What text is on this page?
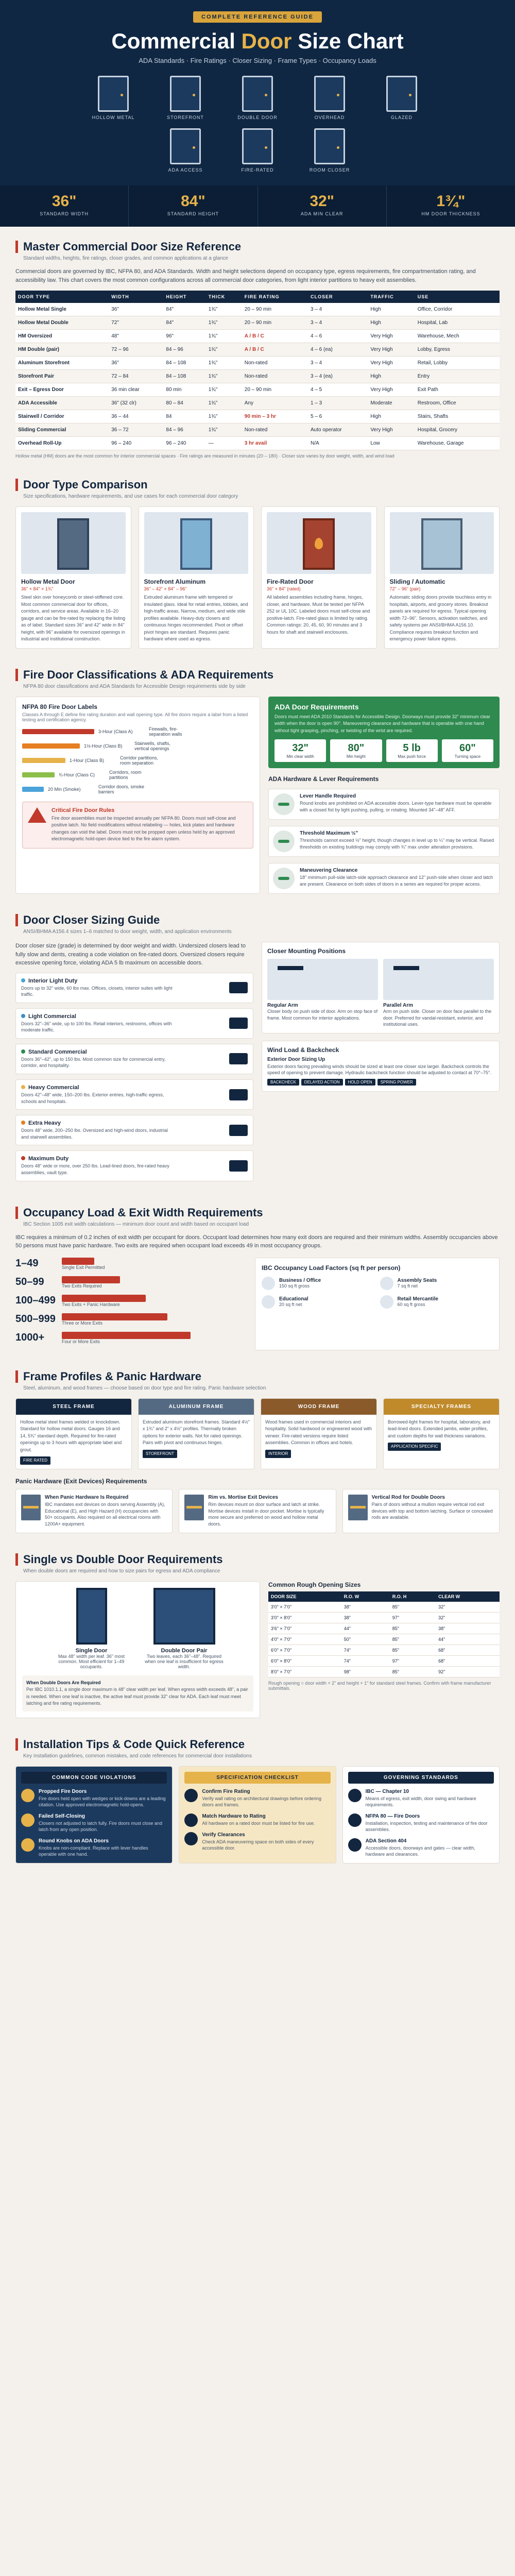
COMPLETE REFERENCE GUIDE
Commercial Door Size Chart
ADA Standards · Fire Ratings · Closer Sizing · Frame Types · Occupancy Loads
HOLLOW METAL	STOREFRONT	DOUBLE DOOR	OVERHEAD	GLAZED
ADA ACCESS	FIRE-RATED	ROOM CLOSER
36"
STANDARD WIDTH
84"
STANDARD HEIGHT
32"
ADA MIN CLEAR
1¾"
HM DOOR THICKNESS
Master Commercial Door Size Reference
Standard widths, heights, fire ratings, closer grades, and common applications at a glance
Commercial doors are governed by IBC, NFPA 80, and ADA Standards. Width and height selections depend on occupancy type, egress requirements, fire compartmentation rating, and accessibility law. This chart covers the most common configurations across all commercial door categories, from light interior partitions to heavy exit assemblies.
DOOR TYPE	WIDTH	HEIGHT	THICK	FIRE RATING	CLOSER	TRAFFIC	USE
Hollow Metal Single	36"	84"	1¾"	20 – 90 min	3 – 4	High	Office, Corridor
Hollow Metal Double	72"	84"	1¾"	20 – 90 min	3 – 4	High	Hospital, Lab
HM Oversized	48"	96"	1¾"	A / B / C	4 – 6	Very High	Warehouse, Mech
HM Double (pair)	72 – 96	84 – 96	1¾"	A / B / C	4 – 6 (ea)	Very High	Lobby, Egress
Aluminum Storefront	36"	84 – 108	1¾"	Non-rated	3 – 4	Very High	Retail, Lobby
Storefront Pair	72 – 84	84 – 108	1¾"	Non-rated	3 – 4 (ea)	High	Entry
Exit – Egress Door	36 min clear	80 min	1¾"	20 – 90 min	4 – 5	Very High	Exit Path
ADA Accessible	36" (32 clr)	80 – 84	1¾"	Any	1 – 3	Moderate	Restroom, Office
Stairwell / Corridor	36 – 44	84	1¾"	90 min – 3 hr	5 – 6	High	Stairs, Shafts
Sliding Commercial	36 – 72	84 – 96	1¾"	Non-rated	Auto operator	Very High	Hospital, Grocery
Overhead Roll-Up	96 – 240	96 – 240	—	3 hr avail	N/A	Low	Warehouse, Garage
Hollow metal (HM) doors are the most common for interior commercial spaces · Fire ratings are measured in minutes (20 – 180) · Closer size varies by door weight, width, and wind load
Door Type Comparison
Size specifications, hardware requirements, and use cases for each commercial door category
Hollow Metal Door
36" × 84" × 1¾"
Steel skin over honeycomb or steel-stiffened core. Most common commercial door for offices, corridors, and service areas. Available in 16–20 gauge and can be fire-rated by replacing the listing as of label. Standard sizes 36" and 42" wide in 84" height, with 96" available for oversized openings in industrial and institutional construction.
Storefront Aluminum
36" – 42" × 84" – 96"
Extruded aluminum frame with tempered or insulated glass. Ideal for retail entries, lobbies, and high-traffic areas. Narrow, medium, and wide stile profiles available. Heavy-duty closers and continuous hinges recommended. Pivot or offset pivot hinges are standard. Requires panic hardware where used as egress.
Fire-Rated Door
36" × 84" (rated)
All labeled assemblies including frame, hinges, closer, and hardware. Must be tested per NFPA 252 or UL 10C. Labeled doors must self-close and positive-latch. Fire-rated glass is limited by rating. Common ratings: 20, 45, 60, 90 minutes and 3 hours for shaft and stairwell enclosures.
Sliding / Automatic
72" – 96" (pair)
Automatic sliding doors provide touchless entry in hospitals, airports, and grocery stores. Breakout panels are required for egress. Typical opening width 72–96". Sensors, activation switches, and safety systems per ANSI/BHMA A156.10. Compliance requires breakout function and emergency power failure egress.
Fire Door Classifications & ADA Requirements
NFPA 80 door classifications and ADA Standards for Accessible Design requirements side by side
NFPA 80 Fire Door Labels
Classes A through E define fire rating duration and wall opening type. All fire doors require a label from a listed testing and certification agency.
3-Hour (Class A)	Firewalls, fire-separation walls
1½-Hour (Class B)	Stairwells, shafts, vertical openings
1-Hour (Class B)	Corridor partitions, room separation
¾-Hour (Class C)	Corridors, room partitions
20 Min (Smoke)	Corridor doors, smoke barriers
Critical Fire Door Rules
Fire door assemblies must be inspected annually per NFPA 80. Doors must self-close and positive latch. No field modifications without relabeling — holes, kick plates and hardware changes can void the label. Doors must not be propped open unless held by an approved electromagnetic hold-open device tied to the fire alarm system.
ADA Door Requirements
Doors must meet ADA 2010 Standards for Accessible Design. Doorways must provide 32" minimum clear width when the door is open 90°. Maneuvering clearance and hardware that is operable with one hand without tight grasping, pinching, or twisting of the wrist are required.
32"
Min clear width
80"
Min height
5 lb
Max push force
60"
Turning space
ADA Hardware & Lever Requirements
Lever Handle Required
Round knobs are prohibited on ADA accessible doors. Lever-type hardware must be operable with a closed fist by light pushing, pulling, or rotating. Mounted 34"–48" AFF.
Threshold Maximum ½"
Thresholds cannot exceed ½" height, though changes in level up to ¼" may be vertical. Raised thresholds on existing buildings may comply with ¾" max under alteration provisions.
Maneuvering Clearance
18" minimum pull-side latch-side approach clearance and 12" push-side when closer and latch are present. Clearance on both sides of doors in a series are required for proper access.
Door Closer Sizing Guide
ANSI/BHMA A156.4 sizes 1–6 matched to door weight, width, and application environments
Door closer size (grade) is determined by door weight and width. Undersized closers lead to fully slow and dents, creating a code violation on fire-rated doors. Oversized closers require excessive opening force, violating ADA 5 lb maximum on accessible doors.
Interior Light Duty
Doors up to 32" wide, 60 lbs max. Offices, closets, interior suites with light traffic.
Light Commercial
Doors 32"–36" wide, up to 100 lbs. Retail interiors, restrooms, offices with moderate traffic.
Standard Commercial
Doors 36"–42", up to 150 lbs. Most common size for commercial entry, corridor, and hospitality.
Heavy Commercial
Doors 42"–48" wide, 150–200 lbs. Exterior entries, high-traffic egress, schools and hospitals.
Extra Heavy
Doors 48" wide, 200–250 lbs. Oversized and high-wind doors, industrial and stairwell assemblies.
Maximum Duty
Doors 48" wide or more, over 250 lbs. Lead-lined doors, fire-rated heavy assemblies, vault type.
Closer Mounting Positions
Regular Arm
Closer body on push side of door. Arm on stop face of frame. Most common for interior applications.
Parallel Arm
Arm on push side. Closer on door face parallel to the door. Preferred for vandal-resistant, exterior, and institutional uses.
Wind Load & Backcheck
Exterior Door Sizing Up
Exterior doors facing prevailing winds should be sized at least one closer size larger. Backcheck controls the speed of opening to prevent damage. Hydraulic backcheck function should be adjusted to contact at 70°–75°.
BACKCHECK DELAYED ACTION HOLD OPEN SPRING POWER
Occupancy Load & Exit Width Requirements
IBC Section 1005 exit width calculations — minimum door count and width based on occupant load
IBC requires a minimum of 0.2 inches of exit width per occupant for doors. Occupant load determines how many exit doors are required and their minimum widths. Assembly occupancies above 50 persons must have panic hardware. Two exits are required when occupant load exceeds 49 in most occupancy groups.
1–49	Single Exit Permitted
50–99	Two Exits Required
100–499 Two Exits + Panic Hardware
500–999 Three or More Exits
1000+	Four or More Exits
IBC Occupancy Load Factors (sq ft per person)
Business / Office
150 sq ft gross
Assembly Seats
7 sq ft net
Educational
20 sq ft net
Retail Mercantile
60 sq ft gross
Frame Profiles & Panic Hardware
Steel, aluminum, and wood frames — choose based on door type and fire rating. Panic hardware selection
STEEL FRAME
Hollow metal steel frames welded or knockdown. Standard for hollow metal doors. Gauges 16 and 14, 5¾" standard depth. Required for fire-rated openings up to 3 hours with appropriate label and grout.
FIRE RATED
ALUMINUM FRAME
Extruded aluminum storefront frames. Standard 4½" x 1¾" and 2" x 4½" profiles. Thermally broken options for exterior walls. Not for rated openings. Pairs with pivot and continuous hinges.
STOREFRONT
WOOD FRAME
Wood frames used in commercial interiors and hospitality. Solid hardwood or engineered wood with veneer. Fire-rated versions require listed assemblies. Common in offices and hotels.
INTERIOR
SPECIALTY FRAMES
Borrowed-light frames for hospital, laboratory, and lead-lined doors. Extended jambs, wider profiles, and custom depths for wall thickness variations.
APPLICATION SPECIFIC
Panic Hardware (Exit Devices) Requirements
When Panic Hardware Is Required
IBC mandates exit devices on doors serving Assembly (A), Educational (E), and High Hazard (H) occupancies with 50+ occupants. Also required on all electrical rooms with 1200A+ equipment.
Rim vs. Mortise Exit Devices
Rim devices mount on door surface and latch at strike. Mortise devices install in door pocket. Mortise is typically more secure and preferred on wood and hollow metal doors.
Vertical Rod for Double Doors
Pairs of doors without a mullion require vertical rod exit devices with top and bottom latching. Surface or concealed rods are available.
Single vs Double Door Requirements
When double doors are required and how to size pairs for egress and ADA compliance
Single Door
Max 48" width per leaf. 36" most common. Most efficient for 1–49 occupants.
Double Door Pair
Two leaves, each 36"–48". Required when one leaf is insufficient for egress width.
When Double Doors Are Required
Per IBC 1010.1.1, a single door maximum is 48" clear width per leaf. When egress width exceeds 48", a pair is needed. When one leaf is inactive, the active leaf must provide 32" clear for ADA. Each leaf must meet latching and fire rating requirements.
Common Rough Opening Sizes
DOOR SIZE	R.O. W	R.O. H	CLEAR W
3'0" × 7'0"	38"	85"	32"
3'0" × 8'0"	38"	97"	32"
3'6" × 7'0"	44"	85"	38"
4'0" × 7'0"	50"	85"	44"
6'0" × 7'0"	74"	85"	68"
6'0" × 8'0"	74"	97"	68"
8'0" × 7'0"	98"	85"	92"
Rough opening = door width + 2" and height + 1" for standard steel frames. Confirm with frame manufacturer submittals.
Installation Tips & Code Quick Reference
Key installation guidelines, common mistakes, and code references for commercial door installations
COMMON CODE VIOLATIONS
Propped Fire Doors
Fire doors held open with wedges or kick-downs are a leading citation. Use approved electromagnetic hold-opens.
Failed Self-Closing
Closers not adjusted to latch fully. Fire doors must close and latch from any open position.
Round Knobs on ADA Doors
Knobs are non-compliant. Replace with lever handles operable with one hand.
SPECIFICATION CHECKLIST
Confirm Fire Rating
Verify wall rating on architectural drawings before ordering doors and frames.
Match Hardware to Rating
All hardware on a rated door must be listed for fire use.
Verify Clearances
Check ADA maneuvering space on both sides of every accessible door.
GOVERNING STANDARDS
IBC — Chapter 10
Means of egress, exit width, door swing and hardware requirements.
NFPA 80 — Fire Doors
Installation, inspection, testing and maintenance of fire door assemblies.
ADA Section 404
Accessible doors, doorways and gates — clear width, hardware and clearances.
